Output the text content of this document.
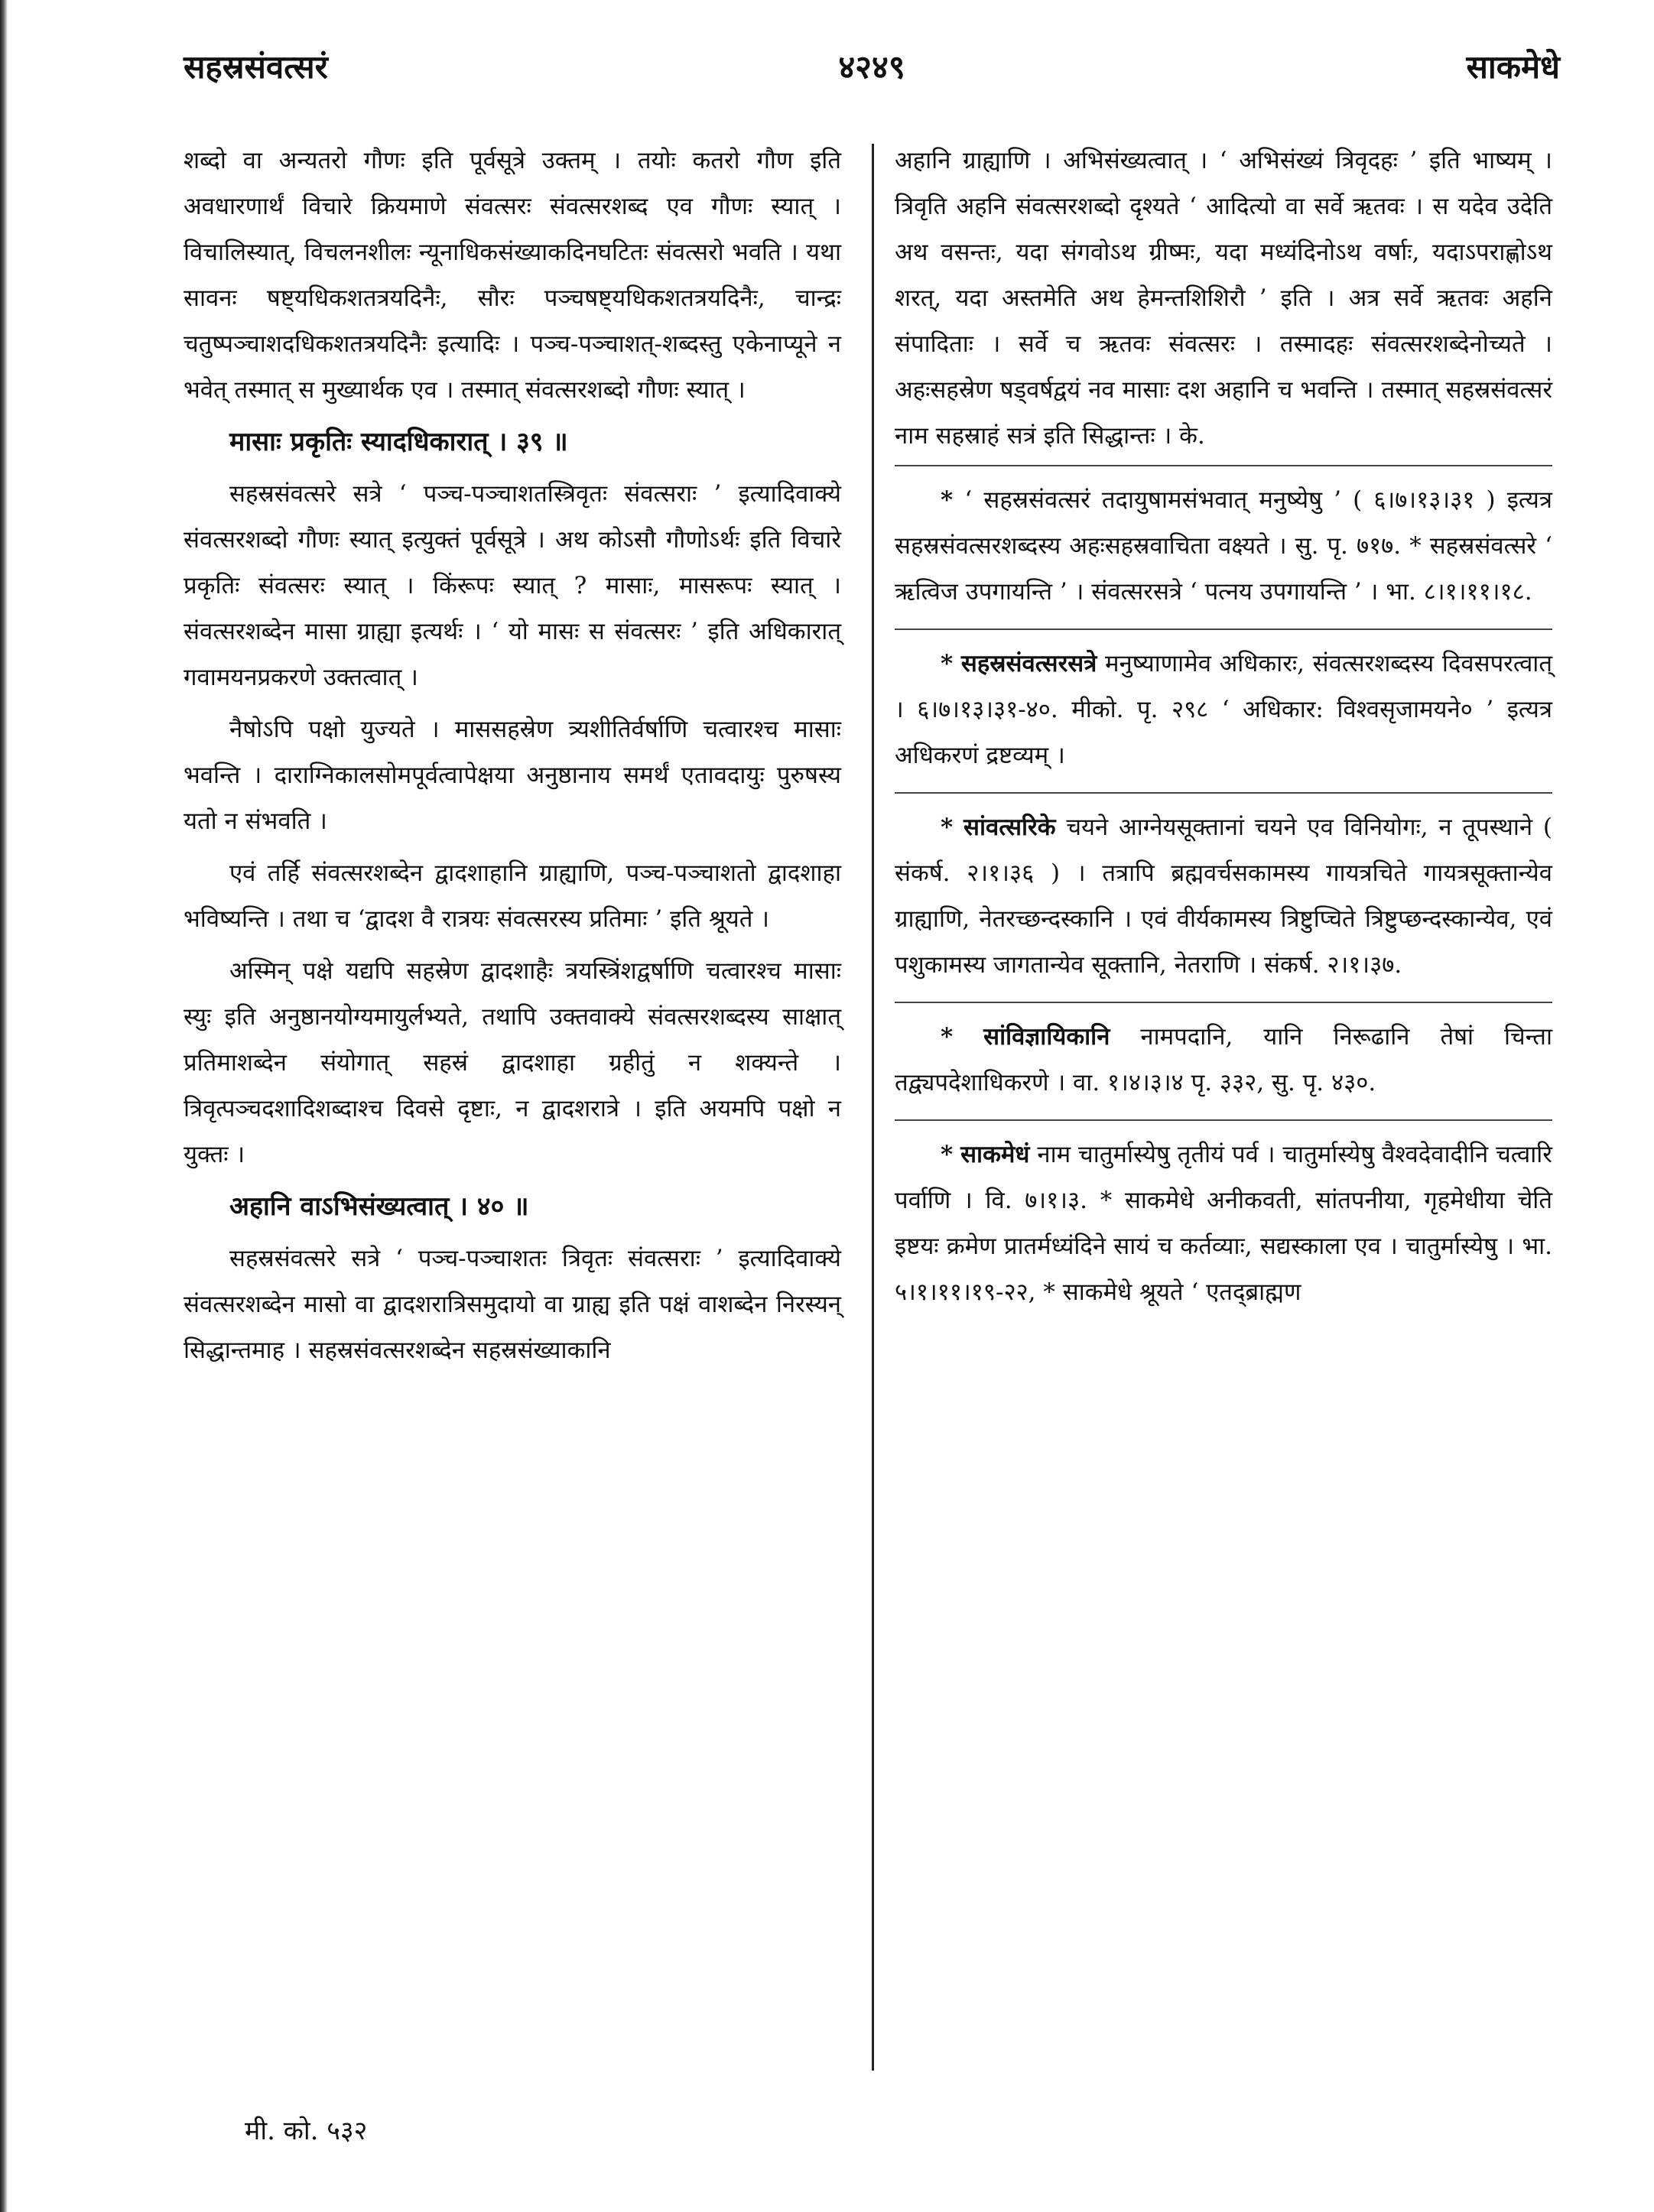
सहस्रसंवत्सरं	४२४९	साकमेधे

शब्दो वा अन्यतरो गौणः इति पूर्वसूत्रे उक्तम् । तयोः कतरो गौण इति अवधारणार्थं विचारे क्रियमाणे संवत्सरः संवत्सरशब्द एव गौणः स्यात् । विचालिस्यात्, विचलनशीलः न्यूनाधिकसंख्याकदिनघटितः संवत्सरो भवति । यथा सावनः षष्ट्यधिकशतत्रयदिनैः, सौरः पञ्चषष्ट्यधिकशतत्रयदिनैः, चान्द्रः चतुष्पञ्चाशदधिकशतत्रयदिनैः इत्यादिः । पञ्च-पञ्चाशत्-शब्दस्तु एकेनाप्यूने न भवेत् तस्मात् स मुख्यार्थक एव । तस्मात् संवत्सरशब्दो गौणः स्यात् ।

मासाः प्रकृतिः स्यादधिकारात् । ३९ ॥

सहस्रसंवत्सरे सत्रे ‘ पञ्च-पञ्चाशतस्त्रिवृतः संवत्सराः ’ इत्यादिवाक्ये संवत्सरशब्दो गौणः स्यात् इत्युक्तं पूर्वसूत्रे । अथ कोऽसौ गौणोऽर्थः इति विचारे प्रकृतिः संवत्सरः स्यात् । किंरूपः स्यात् ? मासाः, मासरूपः स्यात् । संवत्सरशब्देन मासा ग्राह्या इत्यर्थः । ‘ यो मासः स संवत्सरः ’ इति अधिकारात् गवामयनप्रकरणे उक्तत्वात् ।

नैषोऽपि पक्षो युज्यते । माससहस्रेण त्र्यशीतिर्वर्षाणि चत्वारश्च मासाः भवन्ति । दाराग्निकालसोमपूर्वत्वापेक्षया अनुष्ठानाय समर्थं एतावदायुः पुरुषस्य यतो न संभवति ।

एवं तर्हि संवत्सरशब्देन द्वादशाहानि ग्राह्याणि, पञ्च-पञ्चाशतो द्वादशाहा भविष्यन्ति । तथा च ‘द्वादश वै रात्रयः संवत्सरस्य प्रतिमाः ’ इति श्रूयते ।

अस्मिन् पक्षे यद्यपि सहस्रेण द्वादशाहैः त्रयस्त्रिंशद्वर्षाणि चत्वारश्च मासाः स्युः इति अनुष्ठानयोग्यमायुर्लभ्यते, तथापि उक्तवाक्ये संवत्सरशब्दस्य साक्षात् प्रतिमाशब्देन संयोगात् सहस्रं द्वादशाहा ग्रहीतुं न शक्यन्ते । त्रिवृत्पञ्चदशादिशब्दाश्च दिवसे दृष्टाः, न द्वादशरात्रे । इति अयमपि पक्षो न युक्तः ।

अहानि वाऽभिसंख्यत्वात् । ४० ॥

सहस्रसंवत्सरे सत्रे ‘ पञ्च-पञ्चाशतः त्रिवृतः संवत्सराः ’ इत्यादिवाक्ये संवत्सरशब्देन मासो वा द्वादशरात्रिसमुदायो वा ग्राह्य इति पक्षं वाशब्देन निरस्यन् सिद्धान्तमाह । सहस्रसंवत्सरशब्देन सहस्रसंख्याकानि

अहानि ग्राह्याणि । अभिसंख्यत्वात् । ‘ अभिसंख्यं त्रिवृदहः ’ इति भाष्यम् । त्रिवृति अहनि संवत्सरशब्दो दृश्यते ‘ आदित्यो वा सर्वे ऋतवः । स यदेव उदेति अथ वसन्तः, यदा संगवोऽथ ग्रीष्मः, यदा मध्यंदिनोऽथ वर्षाः, यदाऽपराह्णोऽथ शरत्, यदा अस्तमेति अथ हेमन्तशिशिरौ ’ इति । अत्र सर्वे ऋतवः अहनि संपादिताः । सर्वे च ऋतवः संवत्सरः । तस्मादहः संवत्सरशब्देनोच्यते । अहःसहस्रेण षड्वर्षद्वयं नव मासाः दश अहानि च भवन्ति । तस्मात् सहस्रसंवत्सरं नाम सहस्राहं सत्रं इति सिद्धान्तः । के.

* ‘ सहस्रसंवत्सरं तदायुषामसंभवात् मनुष्येषु ’ ( ६।७।१३।३१ ) इत्यत्र सहस्रसंवत्सरशब्दस्य अहःसहस्रवाचिता वक्ष्यते । सु. पृ. ७१७. * सहस्रसंवत्सरे ‘ ऋत्विज उपगायन्ति ’ । संवत्सरसत्रे ‘ पत्नय उपगायन्ति ’ । भा. ८।१।११।१८.

* सहस्रसंवत्सरसत्रे मनुष्याणामेव अधिकारः, संवत्सरशब्दस्य दिवसपरत्वात् । ६।७।१३।३१-४०. मीको. पृ. २९८ ‘ अधिकार: विश्वसृजामयने० ’ इत्यत्र अधिकरणं द्रष्टव्यम् ।

* सांवत्सरिके चयने आग्नेयसूक्तानां चयने एव विनियोगः, न तूपस्थाने ( संकर्ष. २।१।३६ ) । तत्रापि ब्रह्मवर्चसकामस्य गायत्रचिते गायत्रसूक्तान्येव ग्राह्याणि, नेतरच्छन्दस्कानि । एवं वीर्यकामस्य त्रिष्टुप्चिते त्रिष्टुप्छन्दस्कान्येव, एवं पशुकामस्य जागतान्येव सूक्तानि, नेतराणि । संकर्ष. २।१।३७.

* सांविज्ञायिकानि नामपदानि, यानि निरूढानि तेषां चिन्ता तद्व्यपदेशाधिकरणे । वा. १।४।३।४ पृ. ३३२, सु. पृ. ४३०.

* साकमेधं नाम चातुर्मास्येषु तृतीयं पर्व । चातुर्मास्येषु वैश्वदेवादीनि चत्वारि पर्वाणि । वि. ७।१।३. * साकमेधे अनीकवती, सांतपनीया, गृहमेधीया चेति इष्टयः क्रमेण प्रातर्मध्यंदिने सायं च कर्तव्याः, सद्यस्काला एव । चातुर्मास्येषु । भा. ५।१।११।१९-२२, * साकमेधे श्रूयते ‘ एतद्ब्राह्मण

मी. को. ५३२
